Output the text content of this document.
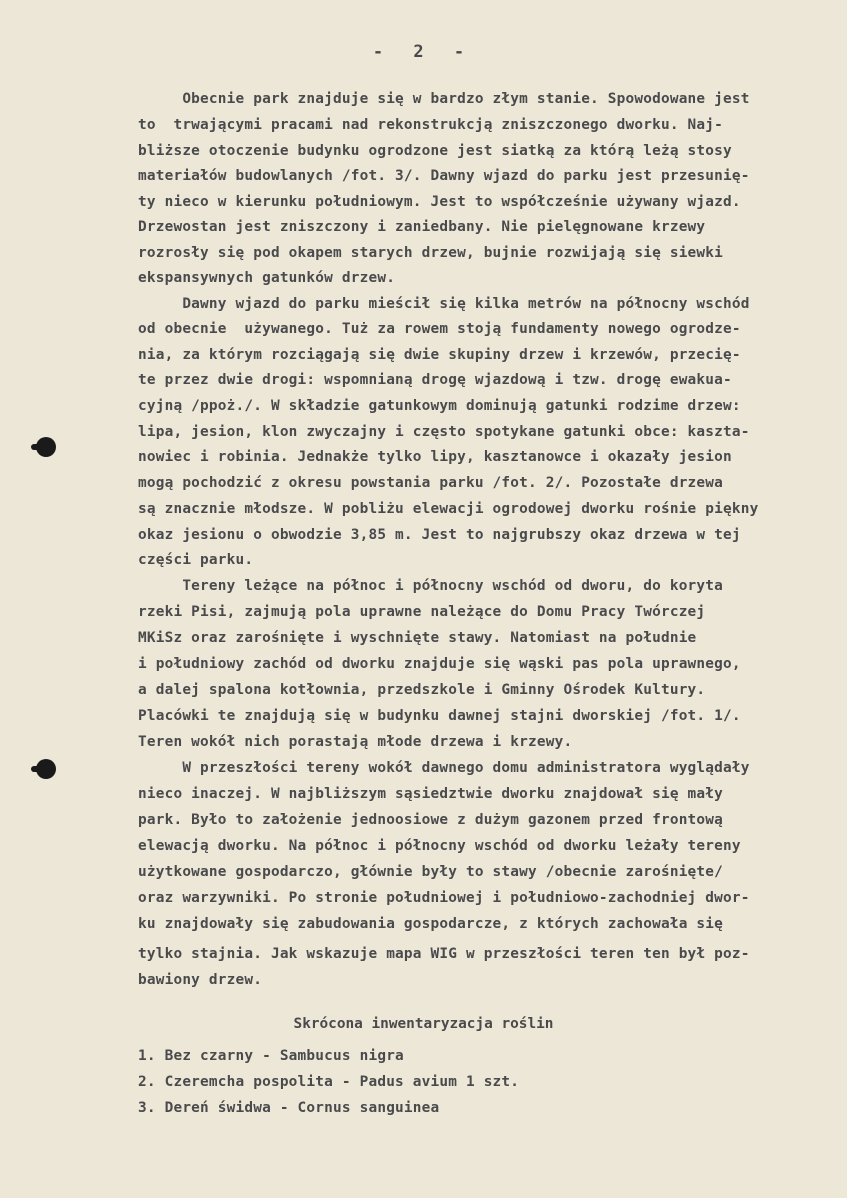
- 2 -
Obecnie park znajduje się w bardzo złym stanie. Spowodowane jest
to  trwającymi pracami nad rekonstrukcją zniszczonego dworku. Naj-
bliższe otoczenie budynku ogrodzone jest siatką za którą leżą stosy
materiałów budowlanych /fot. 3/. Dawny wjazd do parku jest przesunię-
ty nieco w kierunku południowym. Jest to współcześnie używany wjazd.
Drzewostan jest zniszczony i zaniedbany. Nie pielęgnowane krzewy
rozrosły się pod okapem starych drzew, bujnie rozwijają się siewki
ekspansywnych gatunków drzew.
Dawny wjazd do parku mieścił się kilka metrów na północny wschód
od obecnie  używanego. Tuż za rowem stoją fundamenty nowego ogrodze-
nia, za którym rozciągają się dwie skupiny drzew i krzewów, przecię-
te przez dwie drogi: wspomnianą drogę wjazdową i tzw. drogę ewakua-
cyjną /ppoż./. W składzie gatunkowym dominują gatunki rodzime drzew:
lipa, jesion, klon zwyczajny i często spotykane gatunki obce: kaszta-
nowiec i robinia. Jednakże tylko lipy, kasztanowce i okazały jesion
mogą pochodzić z okresu powstania parku /fot. 2/. Pozostałe drzewa
są znacznie młodsze. W pobliżu elewacji ogrodowej dworku rośnie piękny
okaz jesionu o obwodzie 3,85 m. Jest to najgrubszy okaz drzewa w tej
części parku.
Tereny leżące na północ i północny wschód od dworu, do koryta
rzeki Pisi, zajmują pola uprawne należące do Domu Pracy Twórczej
MKiSz oraz zarośnięte i wyschnięte stawy. Natomiast na południe
i południowy zachód od dworku znajduje się wąski pas pola uprawnego,
a dalej spalona kotłownia, przedszkole i Gminny Ośrodek Kultury.
Placówki te znajdują się w budynku dawnej stajni dworskiej /fot. 1/.
Teren wokół nich porastają młode drzewa i krzewy.
W przeszłości tereny wokół dawnego domu administratora wyglądały
nieco inaczej. W najbliższym sąsiedztwie dworku znajdował się mały
park. Było to założenie jednoosiowe z dużym gazonem przed frontową
elewacją dworku. Na północ i północny wschód od dworku leżały tereny
użytkowane gospodarczo, głównie były to stawy /obecnie zarośnięte/
oraz warzywniki. Po stronie południowej i południowo-zachodniej dwor-
ku znajdowały się zabudowania gospodarcze, z których zachowała się
tylko stajnia. Jak wskazuje mapa WIG w przeszłości teren ten był poz-
bawiony drzew.
Skrócona inwentaryzacja roślin
1. Bez czarny - Sambucus nigra
2. Czeremcha pospolita - Padus avium 1 szt.
3. Dereń świdwa - Cornus sanguinea
